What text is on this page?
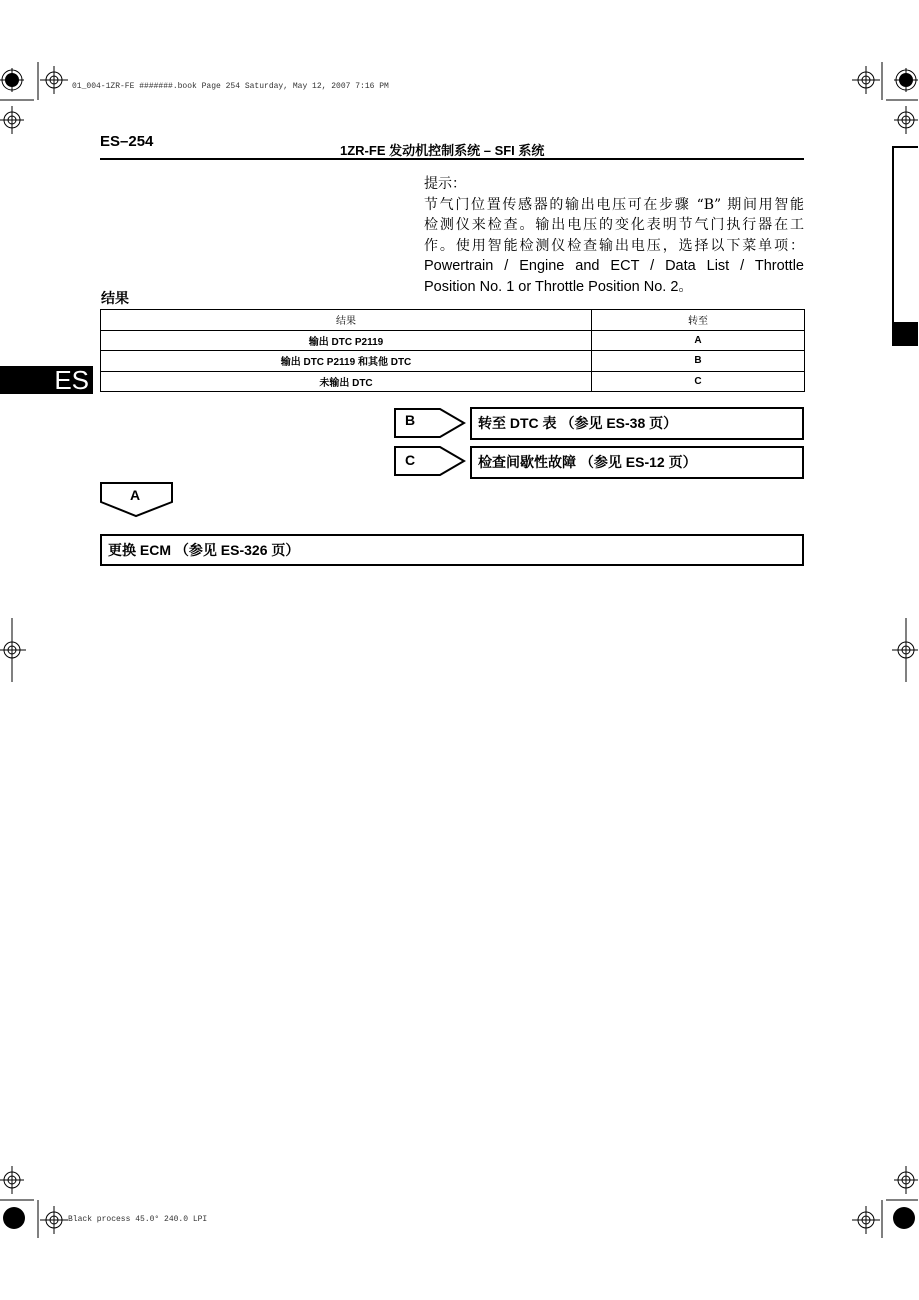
01_004-1ZR-FE #######.book Page 254 Saturday, May 12, 2007 7:16 PM
Black process 45.0° 240.0 LPI
ES–254
1ZR-FE 发动机控制系统 – SFI 系统
ES
提示：
节气门位置传感器的输出电压可在步骤 “B” 期间用智能
检测仪来检查。输出电压的变化表明节气门执行器在工
作。使用智能检测仪检查输出电压，选择以下菜单项：
Powertrain / Engine and ECT / Data List / Throttle
Position No. 1 or Throttle Position No. 2。
结果
结果	转至
输出 DTC P2119	A
输出 DTC P2119 和其他 DTC	B
未输出 DTC	C
B	转至 DTC 表 （参见 ES-38 页）
C	检查间歇性故障 （参见 ES-12 页）
A
更换 ECM （参见 ES-326 页）
